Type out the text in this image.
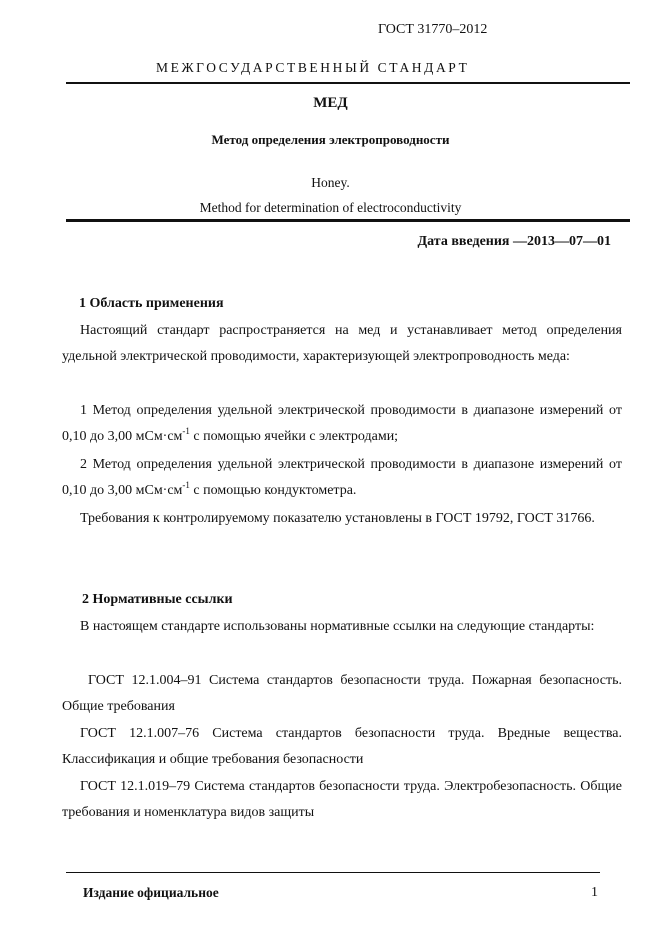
ГОСТ 31770–2012
МЕЖГОСУДАРСТВЕННЫЙ СТАНДАРТ
МЕД
Метод определения электропроводности
Honey.
Method for determination of electroconductivity
Дата введения —2013—07—01
1 Область применения
Настоящий стандарт распространяется на мед и устанавливает метод определения удельной электрической проводимости, характеризующей электропроводность меда:
1 Метод определения удельной электрической проводимости в диапазоне измерений от 0,10 до 3,00 $мСм\cdot см^{-1}$ с помощью ячейки с электродами;
2 Метод определения удельной электрической проводимости в диапазоне измерений от 0,10 до 3,00 $мСм\cdot см^{-1}$ с помощью кондуктометра.
Требования к контролируемому показателю установлены в ГОСТ 19792, ГОСТ 31766.
2 Нормативные ссылки
В настоящем стандарте использованы нормативные ссылки на следующие стандарты:
ГОСТ 12.1.004–91 Система стандартов безопасности труда. Пожарная безопасность. Общие требования
ГОСТ 12.1.007–76 Система стандартов безопасности труда. Вредные вещества. Классификация и общие требования безопасности
ГОСТ 12.1.019–79 Система стандартов безопасности труда. Электробезопасность. Общие требования и номенклатура видов защиты
Издание официальное	1
